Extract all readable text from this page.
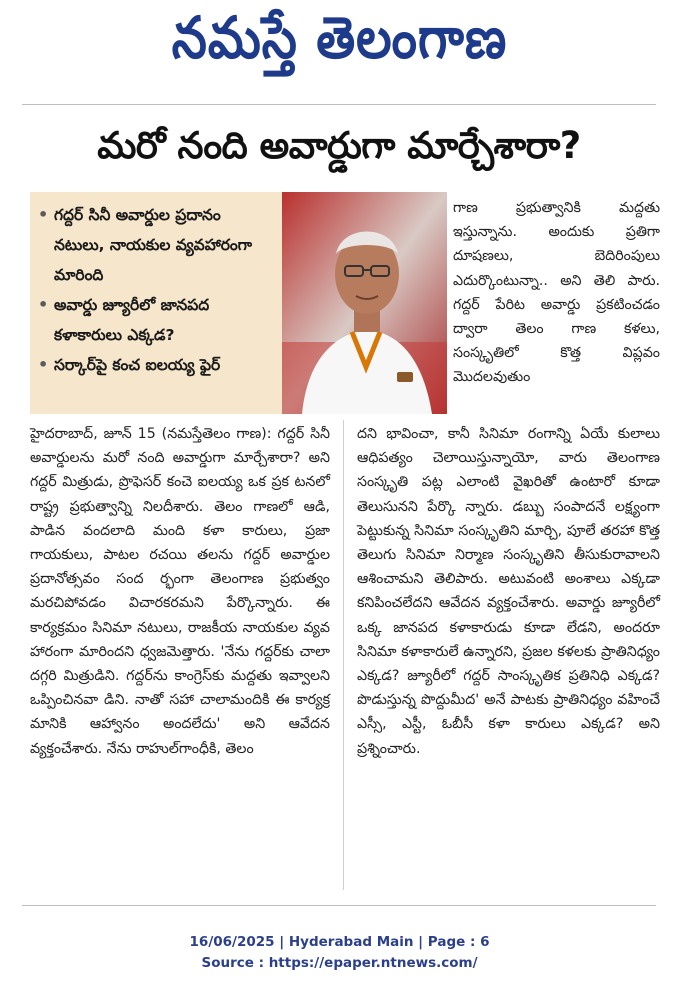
నమస్తే తెలంగాణ
మరో నంది అవార్డుగా మార్చేశారా?
• గద్దర్ సినీ అవార్డుల ప్రదానం నటులు, నాయకుల వ్యవహారంగా మారింది
• అవార్డు జ్యూరీలో జానపద కళాకారులు ఎక్కడ?
• సర్కార్‌పై కంచ ఐలయ్య ఫైర్

గాణ ప్రభుత్వానికి మద్దతు ఇస్తున్నాను. అందుకు ప్రతిగా దూషణలు, బెదిరింపులు ఎదుర్కొంటున్నా.. అని తెలి పారు. గద్దర్ పేరిట అవార్డు ప్రకటించడం ద్వారా తెలం గాణ కళలు, సంస్కృతిలో కొత్త విప్లవం మొదలవుతుం

హైదరాబాద్, జూన్ 15 (నమస్తేతెలం గాణ): గద్దర్ సినీ అవార్డులను మరో నంది అవార్డుగా మార్చేశారా? అని గద్దర్ మిత్రుడు, ప్రొఫెసర్ కంచె ఐలయ్య ఒక ప్రక టనలో రాష్ట్ర ప్రభుత్వాన్ని నిలదీశారు. తెలం గాణలో ఆడి, పాడిన వందలాది మంది కళా కారులు, ప్రజా గాయకులు, పాటల రచయి తలను గద్దర్ అవార్డుల ప్రదానోత్సవం సంద ర్భంగా తెలంగాణ ప్రభుత్వం మరచిపోవడం విచారకరమని పేర్కొన్నారు. ఈ కార్యక్రమం సినిమా నటులు, రాజకీయ నాయకుల వ్యవ హారంగా మారిందని ధ్వజమెత్తారు. 'నేను గద్దర్‌కు చాలా దగ్గరి మిత్రుడిని. గద్దర్‌ను కాంగ్రెస్‌కు మద్దతు ఇవ్వాలని ఒప్పించినవా డిని. నాతో సహా చాలామందికి ఈ కార్యక్ర మానికి ఆహ్వానం అందలేదు' అని ఆవేదన వ్యక్తంచేశారు. నేను రాహుల్‌గాంధీకి, తెలం

దని భావించా, కానీ సినిమా రంగాన్ని ఏయే కులాలు ఆధిపత్యం చెలాయిస్తున్నాయో, వారు తెలంగాణ సంస్కృతి పట్ల ఎలాంటి వైఖరితో ఉంటారో కూడా తెలుసునని పేర్కొ న్నారు. డబ్బు సంపాదనే లక్ష్యంగా పెట్టుకున్న సినిమా సంస్కృతిని మార్చి, పూలే తరహా కొత్త తెలుగు సినిమా నిర్మాణ సంస్కృతిని తీసుకురావాలని ఆశించామని తెలిపారు. అటువంటి అంశాలు ఎక్కడా కనిపించలేదని ఆవేదన వ్యక్తంచేశారు. అవార్డు జ్యూరీలో ఒక్క జానపద కళాకారుడు కూడా లేడని, అందరూ సినిమా కళాకారులే ఉన్నారని, ప్రజల కళలకు ప్రాతినిధ్యం ఎక్కడ? జ్యూరీలో గద్దర్ సాంస్కృతిక ప్రతినిధి ఎక్కడ? పొడుస్తున్న పొద్దుమీద' అనే పాటకు ప్రాతినిధ్యం వహించే ఎస్సీ, ఎస్టీ, ఓబీసీ కళా కారులు ఎక్కడ? అని ప్రశ్నించారు.

16/06/2025 | Hyderabad Main | Page : 6
Source : https://epaper.ntnews.com/
